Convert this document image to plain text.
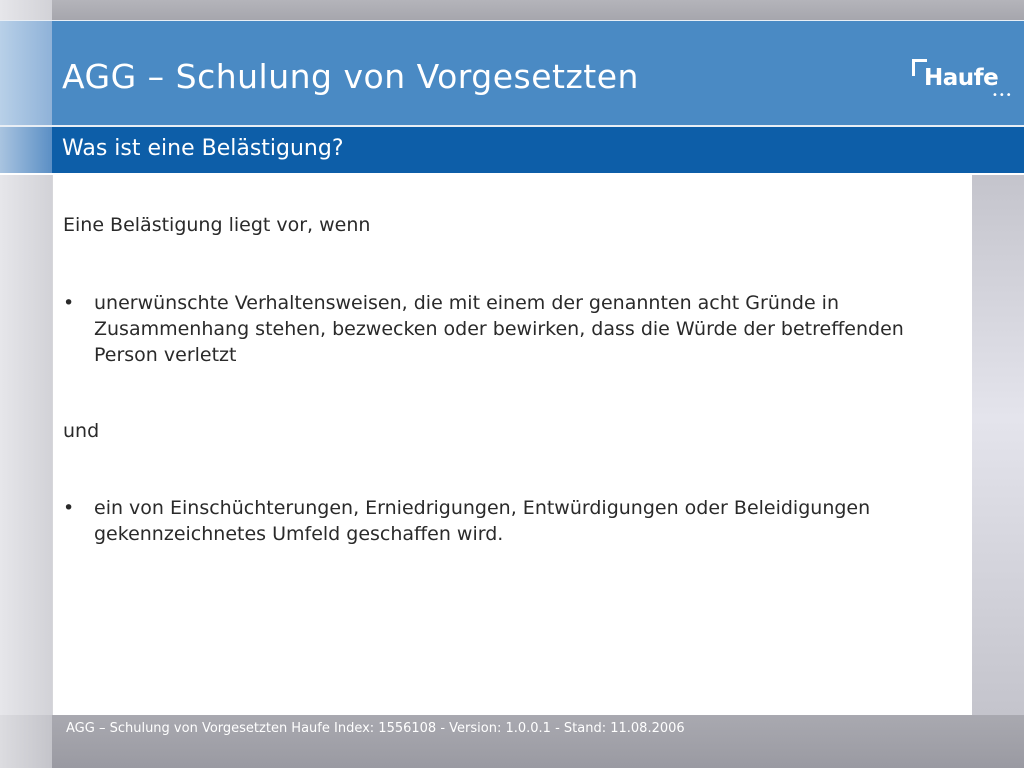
AGG – Schulung von Vorgesetzten	Haufe
•••
Was ist eine Belästigung?

Eine Belästigung liegt vor, wenn

•	unerwünschte Verhaltensweisen, die mit einem der genannten acht Gründe in Zusammenhang stehen, bezwecken oder bewirken, dass die Würde der betreffenden Person verletzt

und

•	ein von Einschüchterungen, Erniedrigungen, Entwürdigungen oder Beleidigungen gekennzeichnetes Umfeld geschaffen wird.
AGG – Schulung von Vorgesetzten Haufe Index: 1556108 - Version: 1.0.0.1 - Stand: 11.08.2006
